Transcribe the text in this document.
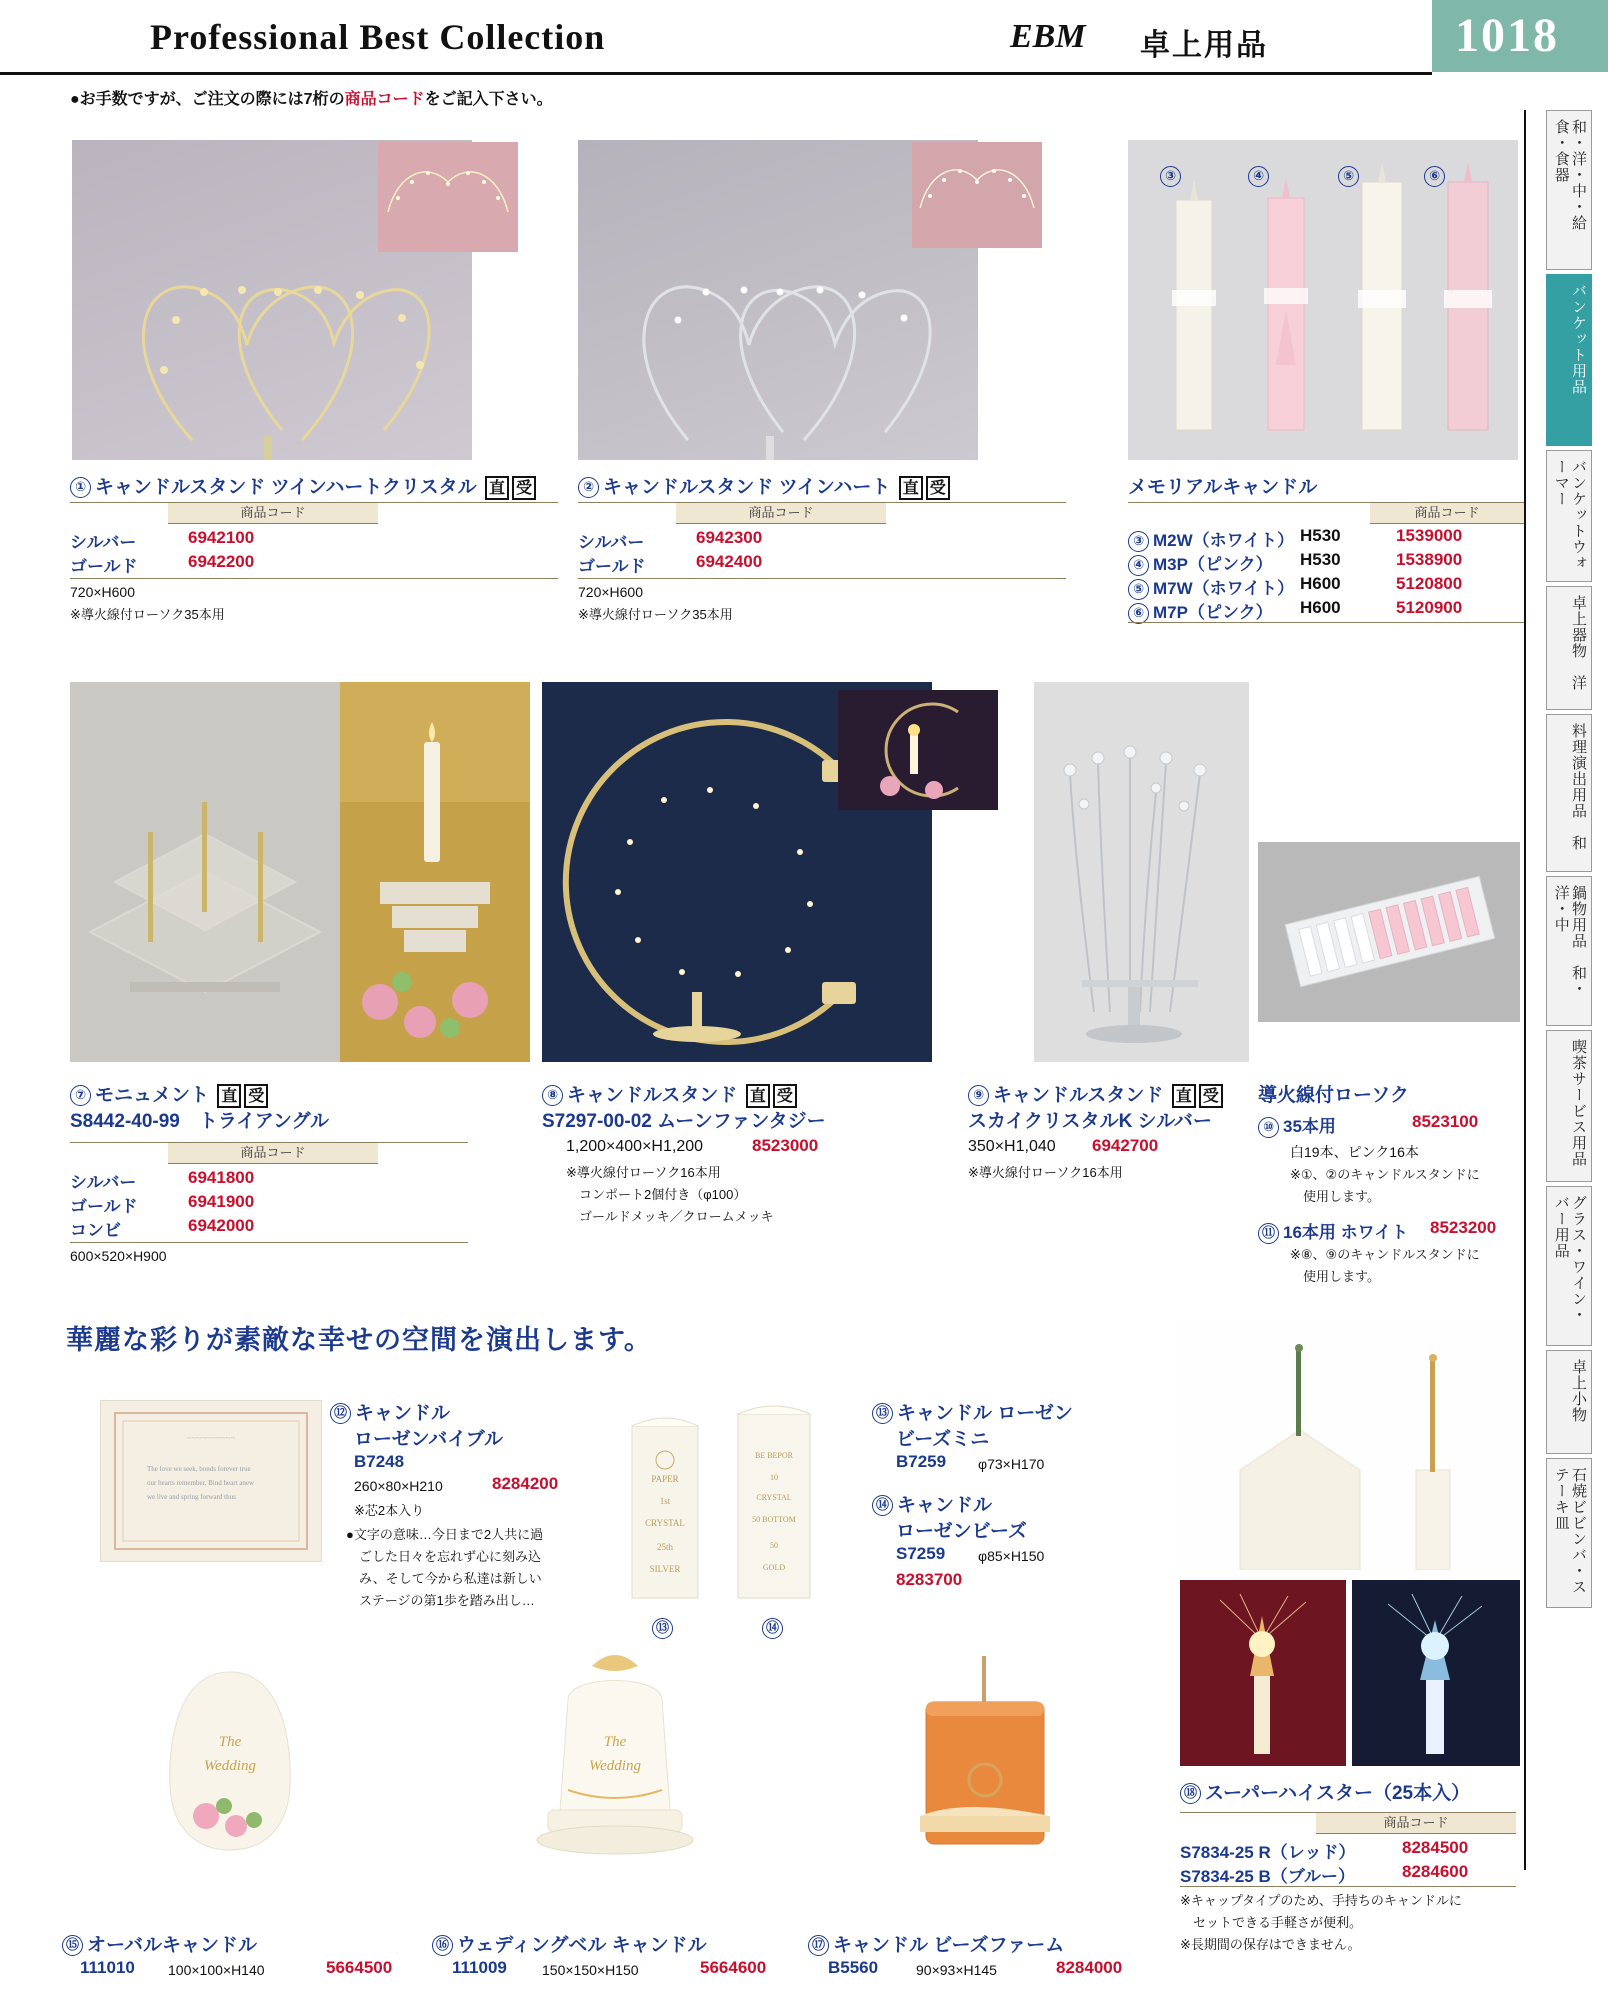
Professional Best Collection	EBM 卓上用品	1018
●お手数ですが、ご注文の際には7桁の商品コードをご記入下さい。
和・洋・中・給食・食器
バンケット用品
バンケットウォーマー
卓上器物　洋
料理演出用品　和
鍋物用品　和・洋・中
喫茶サービス用品
グラス・ワイン・バー用品
卓上小物
石焼ビビンバ・ステーキ皿
③	④	⑤	⑥
① キャンドルスタンド ツインハートクリスタル 直 受
商品コード
シルバー	6942100
ゴールド	6942200
720×H600
※導火線付ローソク35本用
② キャンドルスタンド ツインハート 直 受
商品コード
シルバー	6942300
ゴールド	6942400
720×H600
※導火線付ローソク35本用
メモリアルキャンドル
商品コード
③ M2W（ホワイト） H530	1539000
④ M3P（ピンク） H530	1538900
⑤ M7W（ホワイト） H600	5120800
⑥ M7P（ピンク） H600	5120900
⑦ モニュメント 直 受
S8442-40-99　トライアングル
商品コード
シルバー	6941800
ゴールド	6941900
コンビ	6942000
600×520×H900
⑧ キャンドルスタンド 直 受
S7297-00-02 ムーンファンタジー
1,200×400×H1,200	8523000
※導火線付ローソク16本用
　コンポート2個付き（φ100）
　ゴールドメッキ／クロームメッキ
⑨ キャンドルスタンド 直 受
スカイクリスタルK シルバー
350×H1,040 6942700
※導火線付ローソク16本用
導火線付ローソク
⑩ 35本用	8523100
白19本、ピンク16本
※①、②のキャンドルスタンドに
　使用します。
⑪ 16本用 ホワイト 8523200
※⑧、⑨のキャンドルスタンドに
　使用します。
華麗な彩りが素敵な幸せの空間を演出します。
~~~~~~~~~~
The love we seek, bonds forever true
our hearts remember, Bind heart anew
we live and spring forward thus
⑫ キャンドル
ローゼンバイブル
B7248
260×80×H210	8284200
※芯2本入り
●文字の意味…今日まで2人共に過
　ごした日々を忘れず心に刻み込
　み、そして今から私達は新しい
　ステージの第1歩を踏み出し…
PAPER
1st
CRYSTAL
25th
SILVER
BE BEPOR
10
CRYSTAL
50 BOTTOM
50
GOLD
⑬	⑭
⑬ キャンドル ローゼン
ビーズミニ
B7259 φ73×H170
⑭ キャンドル
ローゼンビーズ
S7259 φ85×H150
8283700
The
Wedding
The
Wedding
⑱ スーパーハイスター（25本入）
商品コード
S7834-25 R（レッド）	8284500
S7834-25 B（ブルー）	8284600
※キャップタイプのため、手持ちのキャンドルに
　セットできる手軽さが便利。
※長期間の保存はできません。
⑮ オーバルキャンドル
111010 100×100×H140	5664500
⑯ ウェディングベル キャンドル
111009	150×150×H150	5664600
⑰ キャンドル ビーズファーム
B5560	90×93×H145	8284000
